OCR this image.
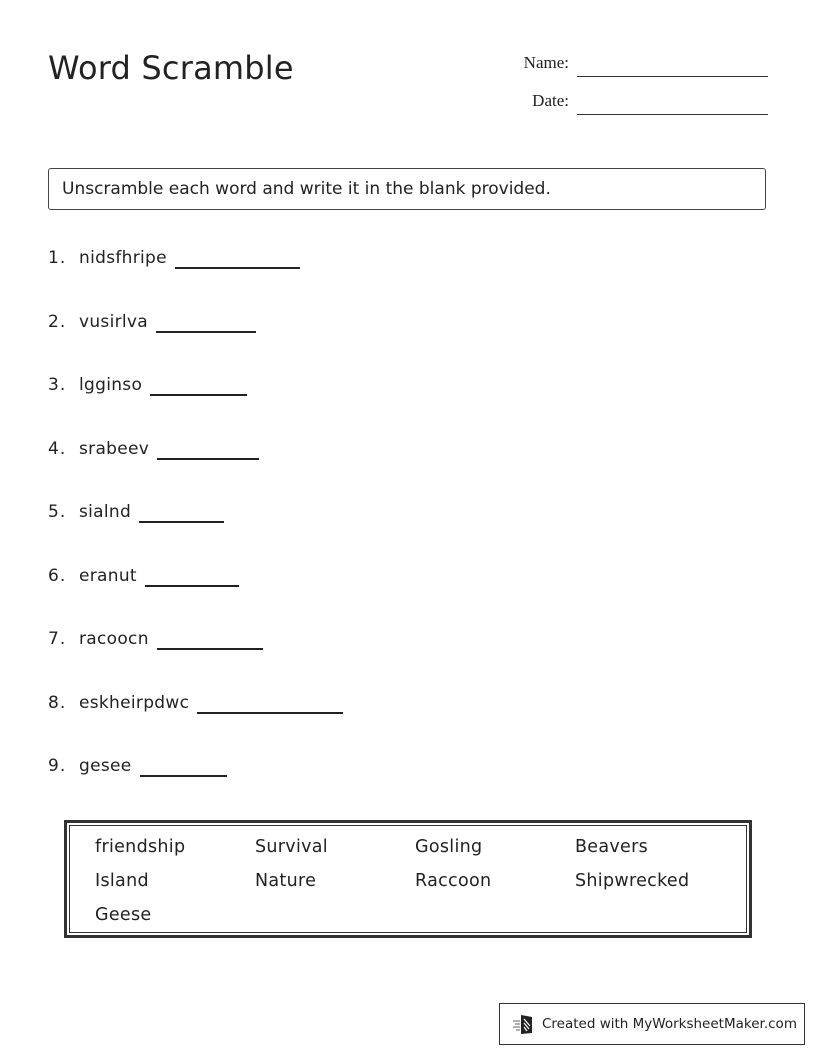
Word Scramble	Name:
Date:
Unscramble each word and write it in the blank provided.
1. nidsfhripe
2. vusirlva
3. lgginso
4. srabeev
5. sialnd
6. eranut
7. racoocn
8. eskheirpdwc
9. gesee
friendship	Survival	Gosling	Beavers
Island	Nature	Raccoon	Shipwrecked
Geese
Created with MyWorksheetMaker.com
